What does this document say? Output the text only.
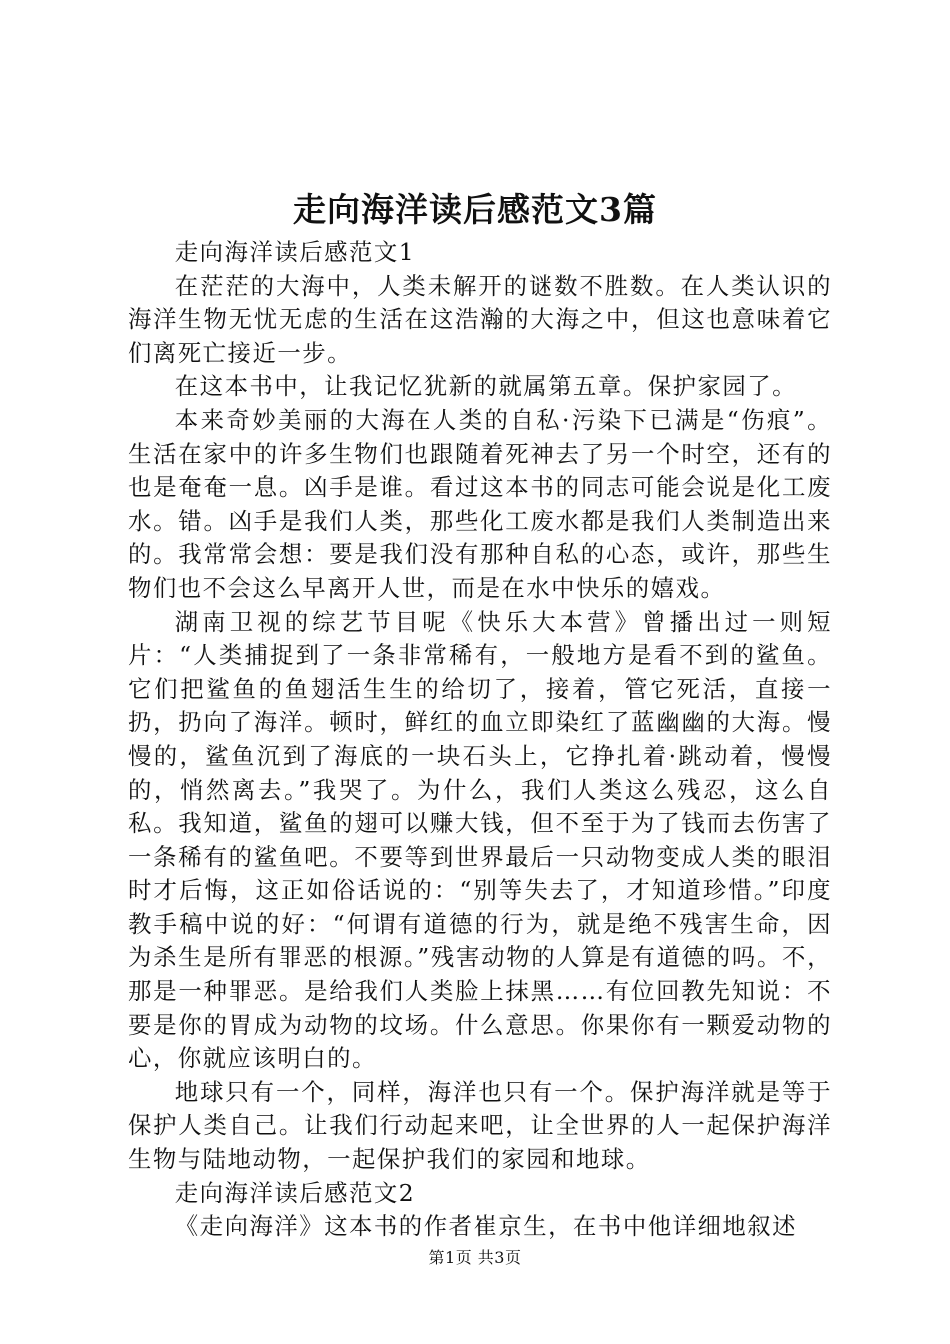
走向海洋读后感范文3篇

走向海洋读后感范文1

在茫茫的大海中，人类未解开的谜数不胜数。在人类认识的海洋生物无忧无虑的生活在这浩瀚的大海之中，但这也意味着它们离死亡接近一步。

在这本书中，让我记忆犹新的就属第五章。保护家园了。

本来奇妙美丽的大海在人类的自私·污染下已满是“伤痕”。生活在家中的许多生物们也跟随着死神去了另一个时空，还有的也是奄奄一息。凶手是谁。看过这本书的同志可能会说是化工废水。错。凶手是我们人类，那些化工废水都是我们人类制造出来的。我常常会想：要是我们没有那种自私的心态，或许，那些生物们也不会这么早离开人世，而是在水中快乐的嬉戏。

湖南卫视的综艺节目呢《快乐大本营》曾播出过一则短片：“人类捕捉到了一条非常稀有，一般地方是看不到的鲨鱼。它们把鲨鱼的鱼翅活生生的给切了，接着，管它死活，直接一扔，扔向了海洋。顿时，鲜红的血立即染红了蓝幽幽的大海。慢慢的，鲨鱼沉到了海底的一块石头上，它挣扎着·跳动着，慢慢的，悄然离去。”我哭了。为什么，我们人类这么残忍，这么自私。我知道，鲨鱼的翅可以赚大钱，但不至于为了钱而去伤害了一条稀有的鲨鱼吧。不要等到世界最后一只动物变成人类的眼泪时才后悔，这正如俗话说的：“别等失去了，才知道珍惜。”印度教手稿中说的好：“何谓有道德的行为，就是绝不残害生命，因为杀生是所有罪恶的根源。”残害动物的人算是有道德的吗。不，那是一种罪恶。是给我们人类脸上抹黑……有位回教先知说：不要是你的胃成为动物的坟场。什么意思。你果你有一颗爱动物的心，你就应该明白的。

地球只有一个，同样，海洋也只有一个。保护海洋就是等于保护人类自己。让我们行动起来吧，让全世界的人一起保护海洋生物与陆地动物，一起保护我们的家园和地球。

走向海洋读后感范文2

《走向海洋》这本书的作者崔京生，在书中他详细地叙述

第1页 共3页
